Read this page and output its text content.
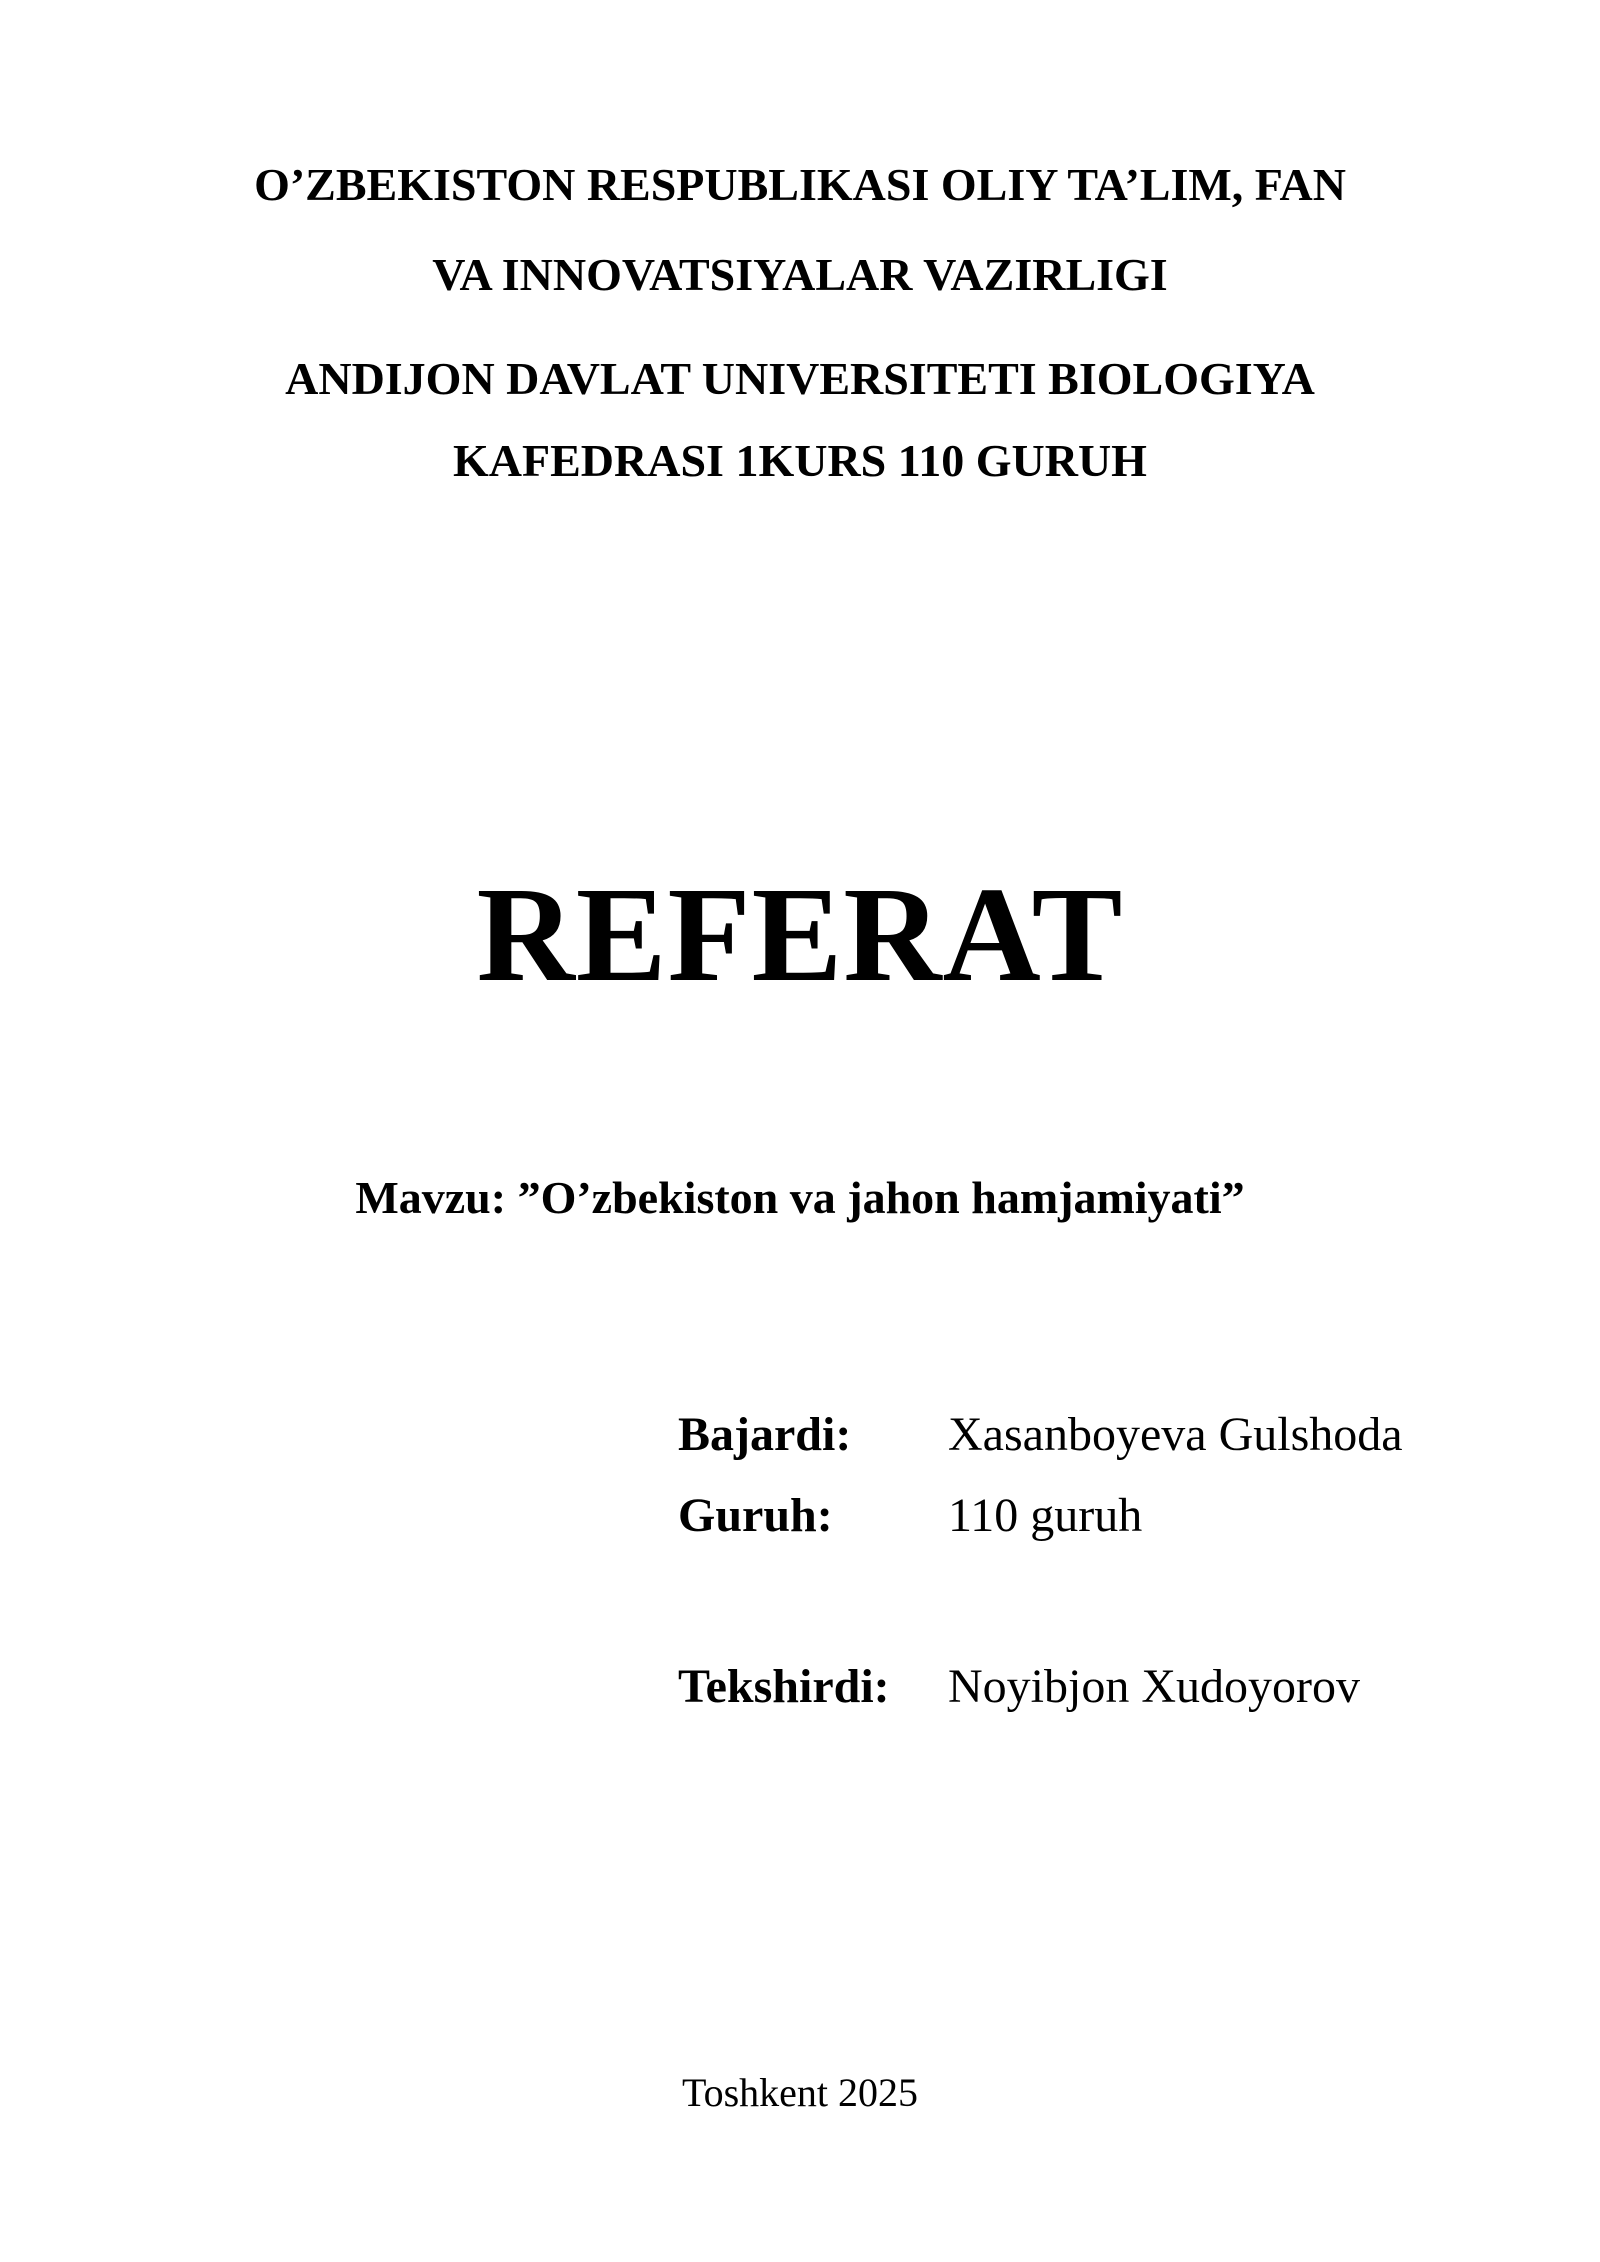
O’ZBEKISTON RESPUBLIKASI OLIY TA’LIM, FAN
VA INNOVATSIYALAR VAZIRLIGI
ANDIJON DAVLAT UNIVERSITETI BIOLOGIYA
KAFEDRASI 1KURS 110 GURUH
REFERAT
Mavzu: ”O’zbekiston va jahon hamjamiyati”
Bajardi: Xasanboyeva Gulshoda
Guruh: 110 guruh
Tekshirdi: Noyibjon Xudoyorov
Toshkent 2025
